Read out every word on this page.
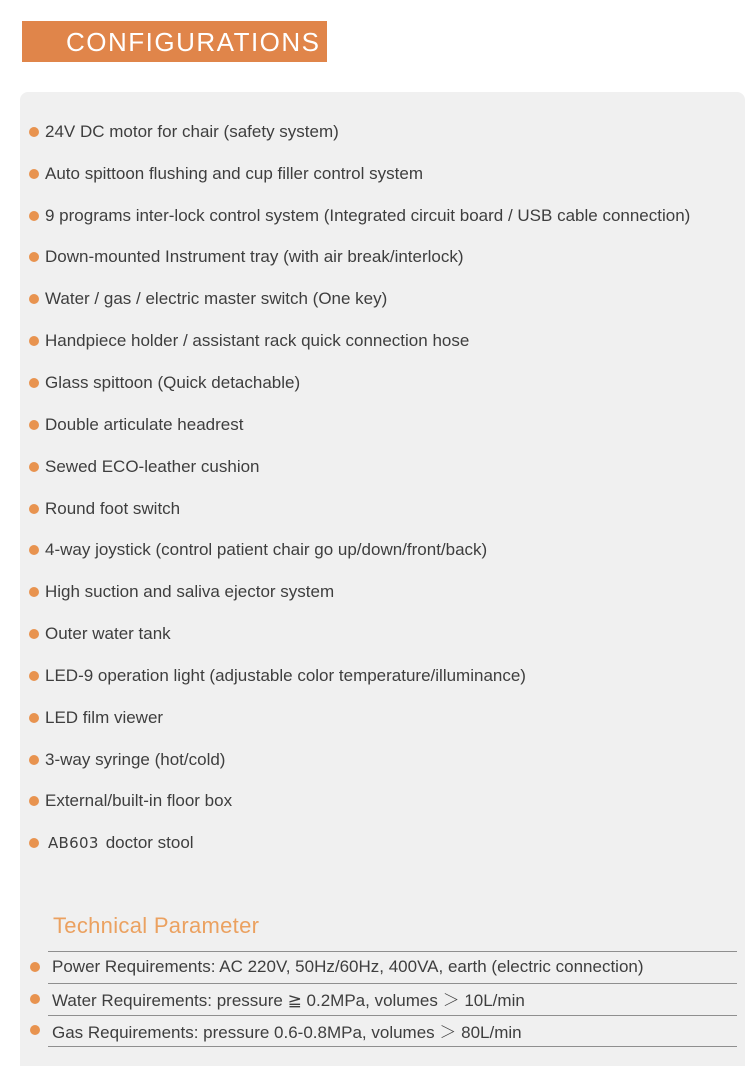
CONFIGURATIONS
24V DC motor for chair (safety system)
Auto spittoon flushing and cup filler control system
9 programs inter-lock control system (Integrated circuit board / USB cable connection)
Down-mounted Instrument tray (with air break/interlock)
Water / gas / electric master switch (One key)
Handpiece holder / assistant rack quick connection hose
Glass spittoon (Quick detachable)
Double articulate headrest
Sewed ECO-leather cushion
Round foot switch
4-way joystick (control patient chair go up/down/front/back)
High suction and saliva ejector system
Outer water tank
LED-9 operation light (adjustable color temperature/illuminance)
LED film viewer
3-way syringe (hot/cold)
External/built-in floor box
AB603 doctor stool
Technical Parameter
Power Requirements: AC 220V, 50Hz/60Hz, 400VA, earth (electric connection)
Water Requirements: pressure ≧ 0.2MPa, volumes ＞ 10L/min
Gas Requirements: pressure 0.6-0.8MPa, volumes ＞ 80L/min
